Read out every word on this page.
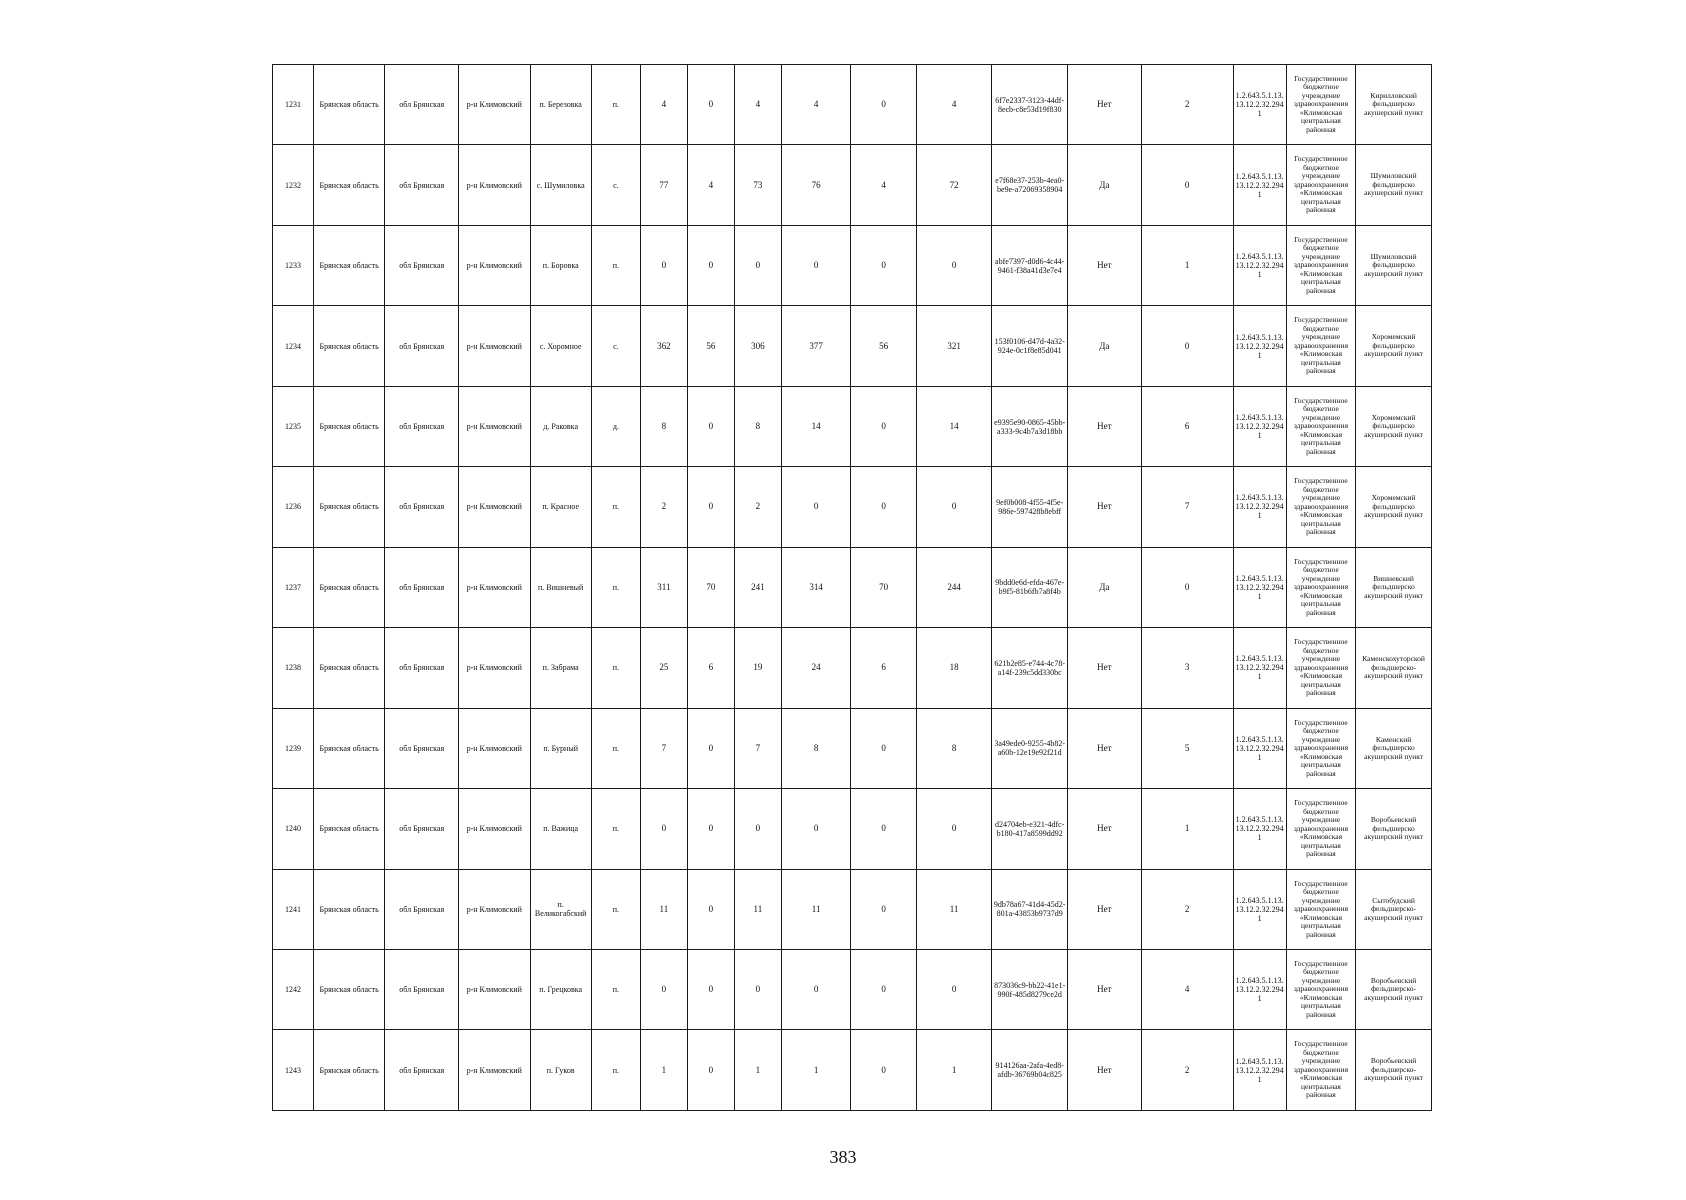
1231	Брянская область	обл Брянская	р-н Климовский	п. Березовка	п.	4	0	4	4	0	4	6f7e2337-3123-44df-8ecb-c8e53d19f830	Нет	2	1.2.643.5.1.13.13.12.2.32.2941	Государственное бюджетное учреждение здравоохранения «Климовская центральная районная	Кирилловский фельдшерско акушерский пункт
1232	Брянская область	обл Брянская	р-н Климовский	с. Шумиловка	с.	77	4	73	76	4	72	e7f68e37-253b-4ea0-be9e-a72069358904	Да	0	1.2.643.5.1.13.13.12.2.32.2941	Государственное бюджетное учреждение здравоохранения «Климовская центральная районная	Шумиловский фельдшерско акушерский пункт
1233	Брянская область	обл Брянская	р-н Климовский	п. Боровка	п.	0	0	0	0	0	0	abfe7397-d0d6-4c44-9461-f38a41d3e7e4	Нет	1	1.2.643.5.1.13.13.12.2.32.2941	Государственное бюджетное учреждение здравоохранения «Климовская центральная районная	Шумиловский фельдшерско акушерский пункт
1234	Брянская область	обл Брянская	р-н Климовский	с. Хоромное	с.	362	56	306	377	56	321	153f0106-d47d-4a32-924e-0c1f8e85d041	Да	0	1.2.643.5.1.13.13.12.2.32.2941	Государственное бюджетное учреждение здравоохранения «Климовская центральная районная	Хоромемский фельдшерско акушерский пункт
1235	Брянская область	обл Брянская	р-н Климовский	д. Раковка	д.	8	0	8	14	0	14	e9395e90-0865-45bb-a333-9c4b7a3d18bb	Нет	6	1.2.643.5.1.13.13.12.2.32.2941	Государственное бюджетное учреждение здравоохранения «Климовская центральная районная	Хоромемский фельдшерско акушерский пункт
1236	Брянская область	обл Брянская	р-н Климовский	п. Красное	п.	2	0	2	0	0	0	9ef0b008-4f55-4f5e-986e-597428b8ebff	Нет	7	1.2.643.5.1.13.13.12.2.32.2941	Государственное бюджетное учреждение здравоохранения «Климовская центральная районная	Хоромемский фельдшерско акушерский пункт
1237	Брянская область	обл Брянская	р-н Климовский	п. Вишневый	п.	311	70	241	314	70	244	9bdd0e6d-efda-467e-b9f5-81b6fb7a8f4b	Да	0	1.2.643.5.1.13.13.12.2.32.2941	Государственное бюджетное учреждение здравоохранения «Климовская центральная районная	Вишневский фельдшерско акушерский пункт
1238	Брянская область	обл Брянская	р-н Климовский	п. Забрама	п.	25	6	19	24	6	18	621b2e85-e744-4c78-a14f-239c5dd330bc	Нет	3	1.2.643.5.1.13.13.12.2.32.2941	Государственное бюджетное учреждение здравоохранения «Климовская центральная районная	Каменскохуторской фельдшерско-акушерский пункт
1239	Брянская область	обл Брянская	р-н Климовский	п. Бурный	п.	7	0	7	8	0	8	3a49ede0-9255-4b82-a60b-12e19e92f21d	Нет	5	1.2.643.5.1.13.13.12.2.32.2941	Государственное бюджетное учреждение здравоохранения «Климовская центральная районная	Каменский фельдшерско акушерский пункт
1240	Брянская область	обл Брянская	р-н Климовский	п. Важица	п.	0	0	0	0	0	0	d24704eb-e321-4dfc-b180-417a8599dd92	Нет	1	1.2.643.5.1.13.13.12.2.32.2941	Государственное бюджетное учреждение здравоохранения «Климовская центральная районная	Воробьевский фельдшерско акушерский пункт
1241	Брянская область	обл Брянская	р-н Климовский	п. Великогабский	п.	11	0	11	11	0	11	9db78a67-41d4-45d2-801a-43853b9737d9	Нет	2	1.2.643.5.1.13.13.12.2.32.2941	Государственное бюджетное учреждение здравоохранения «Климовская центральная районная	Сытобудский фельдшерско-акушерский пункт
1242	Брянская область	обл Брянская	р-н Климовский	п. Грецковка	п.	0	0	0	0	0	0	873036c9-bb22-41e1-990f-485d8279ce2d	Нет	4	1.2.643.5.1.13.13.12.2.32.2941	Государственное бюджетное учреждение здравоохранения «Климовская центральная районная	Воробьевский фельдшерско-акушерский пункт
1243	Брянская область	обл Брянская	р-н Климовский	п. Гуков	п.	1	0	1	1	0	1	914126aa-2afa-4ed8-afdb-36769b04c825	Нет	2	1.2.643.5.1.13.13.12.2.32.2941	Государственное бюджетное учреждение здравоохранения «Климовская центральная районная	Воробьевский фельдшерско-акушерский пункт
383
